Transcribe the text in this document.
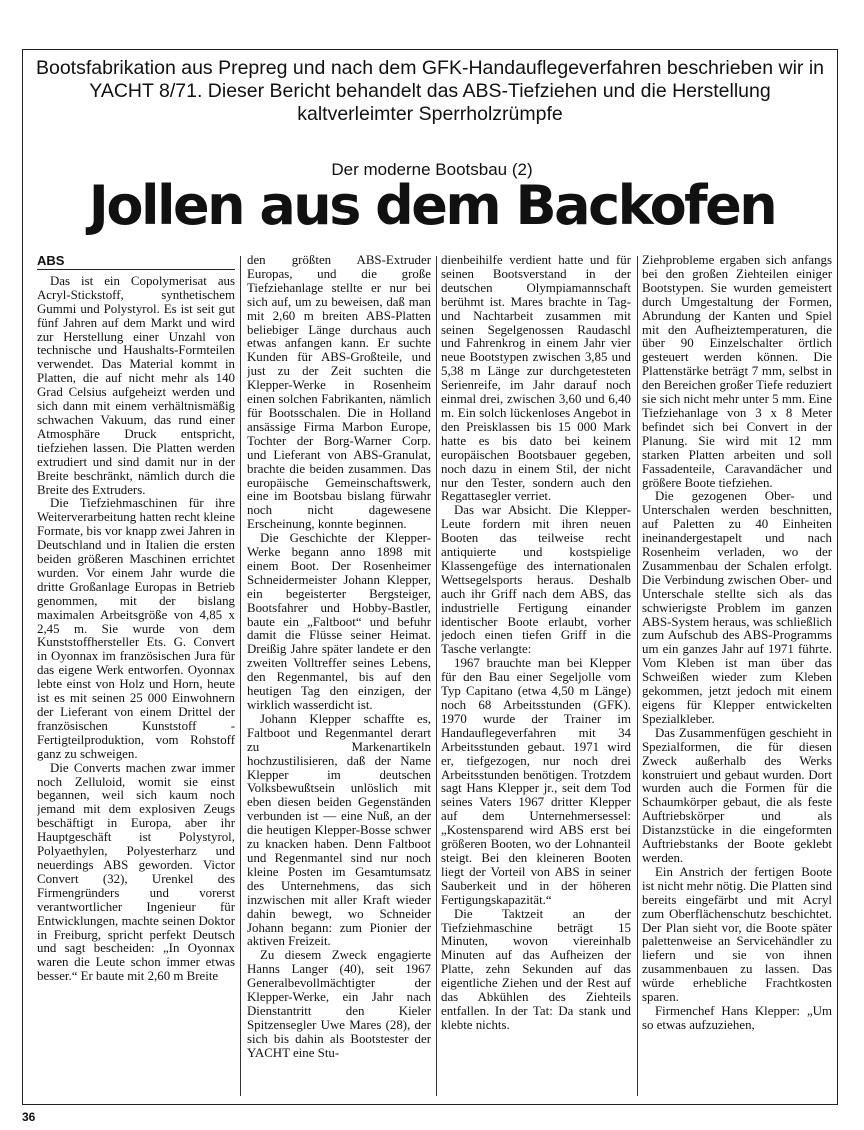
Bootsfabrikation aus Prepreg und nach dem GFK-Handauflegeverfahren beschrieben wir in YACHT 8/71. Dieser Bericht behandelt das ABS-Tiefziehen und die Herstellung kaltverleimter Sperrholzrümpfe

Der moderne Bootsbau (2)

Jollen aus dem Backofen
ABS

Das ist ein Copolymerisat aus Acryl-Stickstoff, synthetischem Gummi und Polystyrol. Es ist seit gut fünf Jahren auf dem Markt und wird zur Herstellung einer Unzahl von technische und Haushalts-Formteilen verwendet. Das Material kommt in Platten, die auf nicht mehr als 140 Grad Celsius aufgeheizt werden und sich dann mit einem verhältnismäßig schwachen Vakuum, das rund einer Atmosphäre Druck entspricht, tiefziehen lassen. Die Platten werden extrudiert und sind damit nur in der Breite beschränkt, nämlich durch die Breite des Extruders.

Die Tiefziehmaschinen für ihre Weiterverarbeitung hatten recht kleine Formate, bis vor knapp zwei Jahren in Deutschland und in Italien die ersten beiden größeren Maschinen errichtet wurden. Vor einem Jahr wurde die dritte Großanlage Europas in Betrieb genommen, mit der bislang maximalen Arbeitsgröße von 4,85 x 2,45 m. Sie wurde von dem Kunststoffhersteller Ets. G. Convert in Oyonnax im französischen Jura für das eigene Werk entworfen. Oyonnax lebte einst von Holz und Horn, heute ist es mit seinen 25 000 Einwohnern der Lieferant von einem Drittel der französischen Kunststoff - Fertigteilproduktion, vom Rohstoff ganz zu schweigen.

Die Converts machen zwar immer noch Zelluloid, womit sie einst begannen, weil sich kaum noch jemand mit dem explosiven Zeugs beschäftigt in Europa, aber ihr Hauptgeschäft ist Polystyrol, Polyaethylen, Polyesterharz und neuerdings ABS geworden. Victor Convert (32), Urenkel des Firmengründers und vorerst verantwortlicher Ingenieur für Entwicklungen, machte seinen Doktor in Freiburg, spricht perfekt Deutsch und sagt bescheiden: „In Oyonnax waren die Leute schon immer etwas besser.“ Er baute mit 2,60 m Breite

den größten ABS-Extruder Europas, und die große Tiefziehanlage stellte er nur bei sich auf, um zu beweisen, daß man mit 2,60 m breiten ABS-Platten beliebiger Länge durchaus auch etwas anfangen kann. Er suchte Kunden für ABS-Großteile, und just zu der Zeit suchten die Klepper-Werke in Rosenheim einen solchen Fabrikanten, nämlich für Bootsschalen. Die in Holland ansässige Firma Marbon Europe, Tochter der Borg-Warner Corp. und Lieferant von ABS-Granulat, brachte die beiden zusammen. Das europäische Gemeinschaftswerk, eine im Bootsbau bislang fürwahr noch nicht dagewesene Erscheinung, konnte beginnen.

Die Geschichte der Klepper-Werke begann anno 1898 mit einem Boot. Der Rosenheimer Schneidermeister Johann Klepper, ein begeisterter Bergsteiger, Bootsfahrer und Hobby-Bastler, baute ein „Faltboot“ und befuhr damit die Flüsse seiner Heimat. Dreißig Jahre später landete er den zweiten Volltreffer seines Lebens, den Regenmantel, bis auf den heutigen Tag den einzigen, der wirklich wasserdicht ist.

Johann Klepper schaffte es, Faltboot und Regenmantel derart zu Markenartikeln hochzustilisieren, daß der Name Klepper im deutschen Volksbewußtsein unlöslich mit eben diesen beiden Gegenständen verbunden ist — eine Nuß, an der die heutigen Klepper-Bosse schwer zu knacken haben. Denn Faltboot und Regenmantel sind nur noch kleine Posten im Gesamtumsatz des Unternehmens, das sich inzwischen mit aller Kraft wieder dahin bewegt, wo Schneider Johann begann: zum Pionier der aktiven Freizeit.

Zu diesem Zweck engagierte Hanns Langer (40), seit 1967 Generalbevollmächtigter der Klepper-Werke, ein Jahr nach Dienstantritt den Kieler Spitzensegler Uwe Mares (28), der sich bis dahin als Bootstester der YACHT eine Stu-

dienbeihilfe verdient hatte und für seinen Bootsverstand in der deutschen Olympiamannschaft berühmt ist. Mares brachte in Tag- und Nachtarbeit zusammen mit seinen Segelgenossen Raudaschl und Fahrenkrog in einem Jahr vier neue Bootstypen zwischen 3,85 und 5,38 m Länge zur durchgetesteten Serienreife, im Jahr darauf noch einmal drei, zwischen 3,60 und 6,40 m. Ein solch lückenloses Angebot in den Preisklassen bis 15 000 Mark hatte es bis dato bei keinem europäischen Bootsbauer gegeben, noch dazu in einem Stil, der nicht nur den Tester, sondern auch den Regattasegler verriet.

Das war Absicht. Die Klepper-Leute fordern mit ihren neuen Booten das teilweise recht antiquierte und kostspielige Klassengefüge des internationalen Wettsegelsports heraus. Deshalb auch ihr Griff nach dem ABS, das industrielle Fertigung einander identischer Boote erlaubt, vorher jedoch einen tiefen Griff in die Tasche verlangte:

1967 brauchte man bei Klepper für den Bau einer Segeljolle vom Typ Capitano (etwa 4,50 m Länge) noch 68 Arbeitsstunden (GFK). 1970 wurde der Trainer im Handauflegeverfahren mit 34 Arbeitsstunden gebaut. 1971 wird er, tiefgezogen, nur noch drei Arbeitsstunden benötigen. Trotzdem sagt Hans Klepper jr., seit dem Tod seines Vaters 1967 dritter Klepper auf dem Unternehmersessel: „Kostensparend wird ABS erst bei größeren Booten, wo der Lohnanteil steigt. Bei den kleineren Booten liegt der Vorteil von ABS in seiner Sauberkeit und in der höheren Fertigungskapazität.“

Die Taktzeit an der Tiefziehmaschine beträgt 15 Minuten, wovon viereinhalb Minuten auf das Aufheizen der Platte, zehn Sekunden auf das eigentliche Ziehen und der Rest auf das Abkühlen des Ziehteils entfallen. In der Tat: Da stank und klebte nichts.

Ziehprobleme ergaben sich anfangs bei den großen Ziehteilen einiger Bootstypen. Sie wurden gemeistert durch Umgestaltung der Formen, Abrundung der Kanten und Spiel mit den Aufheiztemperaturen, die über 90 Einzelschalter örtlich gesteuert werden können. Die Plattenstärke beträgt 7 mm, selbst in den Bereichen großer Tiefe reduziert sie sich nicht mehr unter 5 mm. Eine Tiefziehanlage von 3 x 8 Meter befindet sich bei Convert in der Planung. Sie wird mit 12 mm starken Platten arbeiten und soll Fassadenteile, Caravandächer und größere Boote tiefziehen.

Die gezogenen Ober- und Unterschalen werden beschnitten, auf Paletten zu 40 Einheiten ineinandergestapelt und nach Rosenheim verladen, wo der Zusammenbau der Schalen erfolgt. Die Verbindung zwischen Ober- und Unterschale stellte sich als das schwierigste Problem im ganzen ABS-System heraus, was schließlich zum Aufschub des ABS-Programms um ein ganzes Jahr auf 1971 führte. Vom Kleben ist man über das Schweißen wieder zum Kleben gekommen, jetzt jedoch mit einem eigens für Klepper entwickelten Spezialkleber.

Das Zusammenfügen geschieht in Spezialformen, die für diesen Zweck außerhalb des Werks konstruiert und gebaut wurden. Dort wurden auch die Formen für die Schaumkörper gebaut, die als feste Auftriebskörper und als Distanzstücke in die eingeformten Auftriebstanks der Boote geklebt werden.

Ein Anstrich der fertigen Boote ist nicht mehr nötig. Die Platten sind bereits eingefärbt und mit Acryl zum Oberflächenschutz beschichtet. Der Plan sieht vor, die Boote später palettenweise an Servicehändler zu liefern und sie von ihnen zusammenbauen zu lassen. Das würde erhebliche Frachtkosten sparen.

Firmenchef Hans Klepper: „Um so etwas aufzuziehen,

36
